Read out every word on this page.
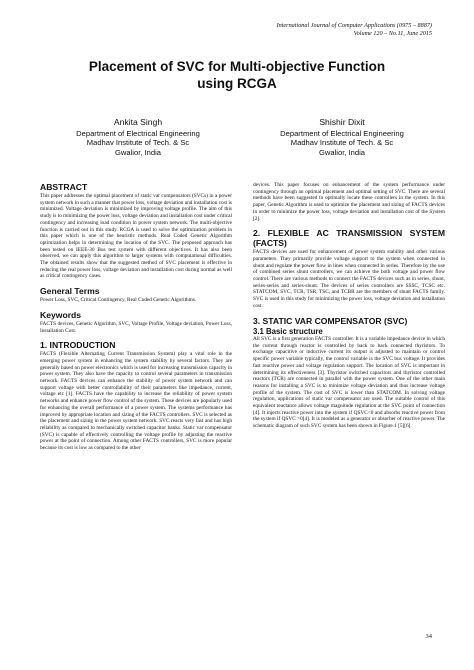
International Journal of Computer Applications (0975 – 8887)
Volume 120 – No.11, June 2015
Placement of SVC for Multi-objective Function
using RCGA
Ankita Singh
Department of Electrical Engineering
Madhav Institute of Tech. & Sc
Gwalior, India
Shishir Dixit
Department of Electrical Engineering
Madhav Institute of Tech. & Sc
Gwalior, India
ABSTRACT

This paper addresses the optimal placement of static var compensators (SVCs) in a power system network in such a manner that power loss, voltage deviation and installation cost is minimized. Voltage deviation is minimized by improving voltage profile. The aim of this study is to minimizing the power loss, voltage deviation and installation cost under critical contingency and increasing load condition in power system network. The multi-objective function is carried out in this study. RCGA is used to solve the optimization problem in this paper which is one of the heuristic methods. Real Coded Genetic Algorithm optimization helps in determining the location of the SVC. The proposed approach has been tested on IEEE-30 Bus test system with different objectives. It has also been observed, we can apply this algorithm to larger systems with computational difficulties. The obtained results show that the suggested method of SVC placement is effective in reducing the real power loss, voltage deviation and installation cost during normal as well as critical contingency cases.

General Terms

Power Loss, SVC, Critical Contingency, Real Coded Genetic Algorithms.

Keywords

FACTS devices, Genetic Algorithm, SVC, Voltage Profile, Voltage deviation, Power Loss, Installation Cost.

1. INTRODUCTION

FACTS (Flexible Alternating Current Transmission System) play a vital role in the emerging power system in enhancing the system stability by several factors. They are generally based on power electronics which is used for increasing transmission capacity in power system. They also have the capacity to control several parameters in transmission network. FACTS devices can enhance the stability of power system network and can support voltage with better controllability of their parameters like impedance, current, voltage etc [1]. FACTS have the capability to increase the reliability of power system networks and enhance power flow control of the system. These devices are popularly used for enhancing the overall performance of a power system. The systems performance has improved by appropriate location and sizing of the FACTS controllers. SVC is selected as the placement and sizing in the power system network. SVC reacts very fast and has high reliability as compared to mechanically switched capacitor banks. Static var compensator (SVC) is capable of effectively controlling the voltage profile by adjusting the reactive power at the point of connection. Among other FACTS controllers, SVC is more popular because its cost is low as compared to the other

devices. This paper focuses on enhancement of the system performance under contingency through an optimal placement and optimal setting of SVC. There are several methods have been suggested to optimally locate these controllers in the system. In this paper, Genetic Algorithm is used to optimize the placement and sizing of FACTS devices in order to minimize the power loss, voltage deviation and installation cost of the System [2].

2. FLEXIBLE AC TRANSMISSION SYSTEM (FACTS)

FACTS devices are used for enhancement of power system stability and other various parameters. They primarily provide voltage support to the system when connected in shunt and regulate the power flow in lines when connected in series. Therefore by the use of combined series shunt controllers, we can achieve the both voltage and power flow control. There are various methods to connect the FACTS devices such as in series, shunt, series-series and series-shunt. The devices of series controllers are SSSC, TCSC etc. STATCOM, SVC, TCR, TSR, TSC, and TCBR are the members of shunt FACTS family. SVC is used in this study for minimizing the power loss, voltage deviation and installation cost.

3. STATIC VAR COMPENSATOR (SVC)
3.1 Basic structure

All SVC is a first generation FACTS controller. It is a variable impedance device in which the current through reactor is controlled by back to back connected thyristors. To exchange capacitive or inductive current its output is adjusted to maintain or control specific power variable typically, the control variable is the SVC bus voltage. It provides fast reactive power and voltage regulation support. The location of SVC is important in determining its effectiveness [3]. Thyristor switched capacitors and thyristor controlled reactors (TCR) are connected in parallel with the power system. One of the other main reasons for installing a SVC is to minimize voltage deviation and thus increase voltage profile of the system. The cost of SVC is lower than STATCOM. In solving voltage regulation, applications of static var compensator are used. The suitable control of this equivalent reactance allows voltage magnitude regulation at the SVC point of connection [4]. It injects reactive power into the system if QSVC<0 and absorbs reactive power from the system if QSVC >0[4]. It is modeled as a generator or absorber of reactive power. The schematic diagram of such SVC system has been shown in Figure.1 [5][6].

34
